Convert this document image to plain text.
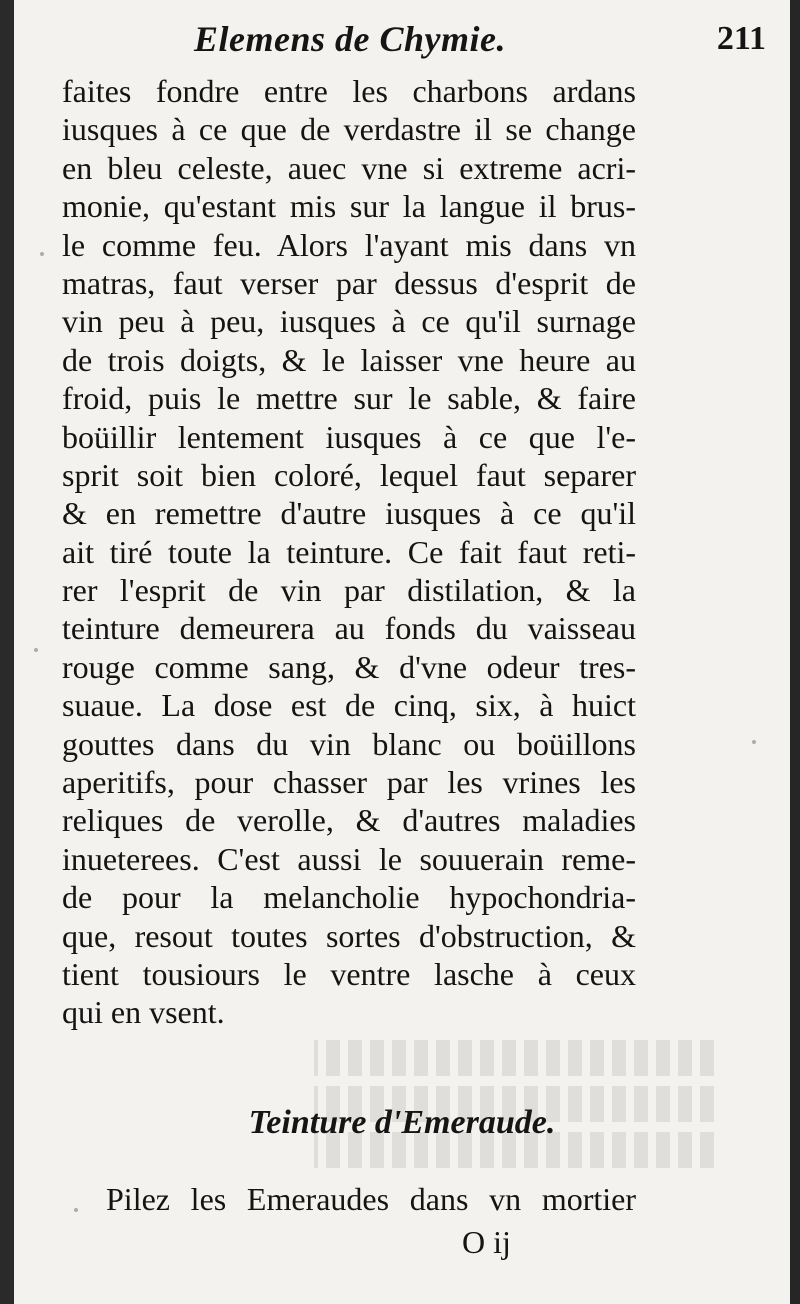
Elemens de Chymie.	211
faites fondre entre les charbons ardans
iusques à ce que de verdastre il se change
en bleu celeste, auec vne si extreme acri-
monie, qu'estant mis sur la langue il brus-
le comme feu. Alors l'ayant mis dans vn
matras, faut verser par dessus d'esprit de
vin peu à peu, iusques à ce qu'il surnage
de trois doigts, & le laisser vne heure au
froid, puis le mettre sur le sable, & faire
boüillir lentement iusques à ce que l'e-
sprit soit bien coloré, lequel faut separer
& en remettre d'autre iusques à ce qu'il
ait tiré toute la teinture. Ce fait faut reti-
rer l'esprit de vin par distilation, & la
teinture demeurera au fonds du vaisseau
rouge comme sang, & d'vne odeur tres-
suaue. La dose est de cinq, six, à huict
gouttes dans du vin blanc ou boüillons
aperitifs, pour chasser par les vrines les
reliques de verolle, & d'autres maladies
inueterees. C'est aussi le souuerain reme-
de pour la melancholie hypochondria-
que, resout toutes sortes d'obstruction, &
tient tousiours le ventre lasche à ceux
qui en vsent.
Teinture d'Emeraude.
Pilez les Emeraudes dans vn mortier
O ij
